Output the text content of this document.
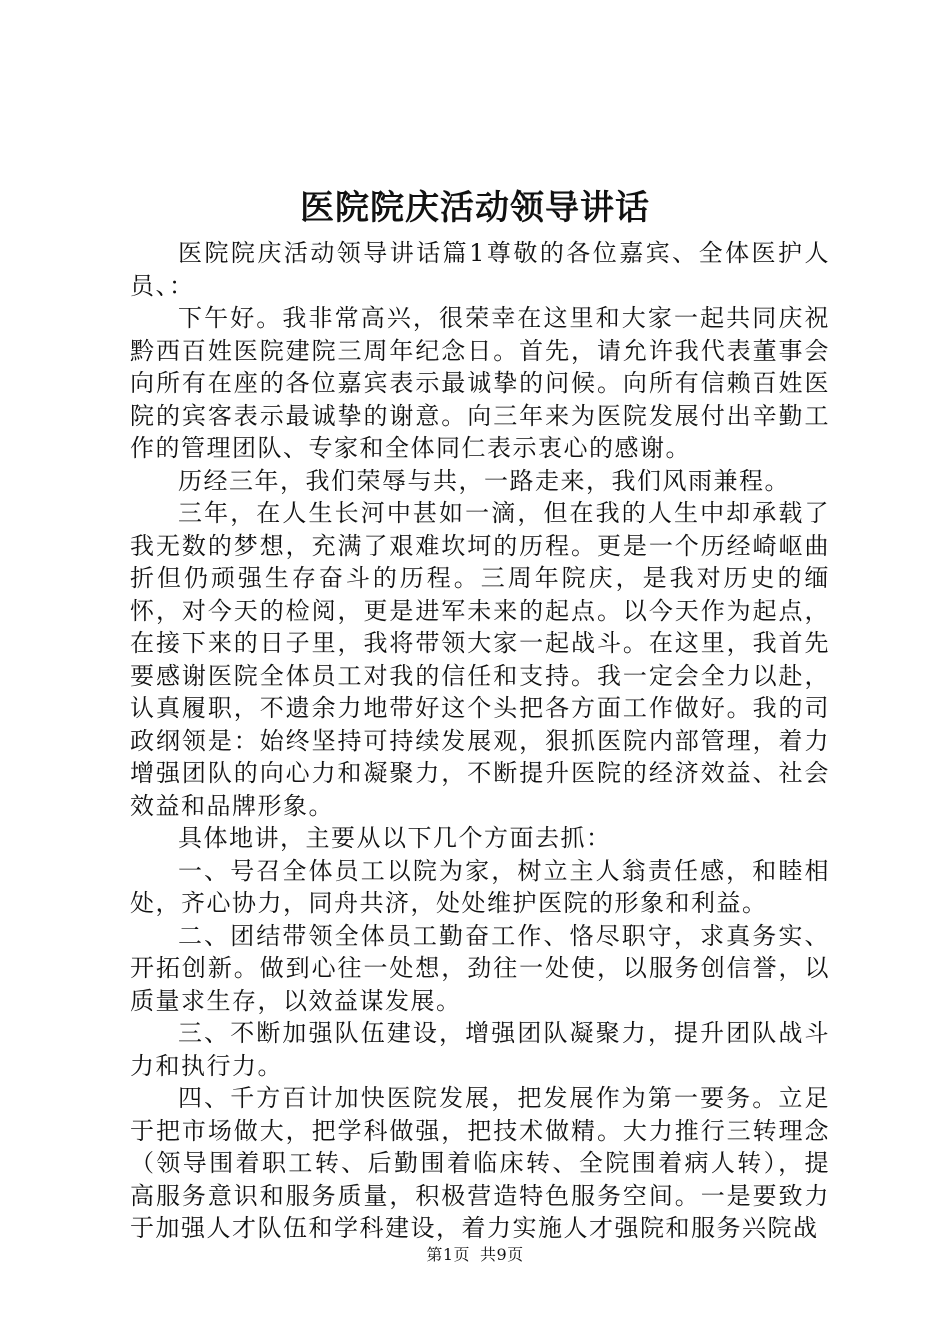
医院院庆活动领导讲话

医院院庆活动领导讲话篇1尊敬的各位嘉宾、全体医护人员、：

下午好。我非常高兴，很荣幸在这里和大家一起共同庆祝黔西百姓医院建院三周年纪念日。首先，请允许我代表董事会向所有在座的各位嘉宾表示最诚挚的问候。向所有信赖百姓医院的宾客表示最诚挚的谢意。向三年来为医院发展付出辛勤工作的管理团队、专家和全体同仁表示衷心的感谢。

历经三年，我们荣辱与共，一路走来，我们风雨兼程。

三年，在人生长河中甚如一滴，但在我的人生中却承载了我无数的梦想，充满了艰难坎坷的历程。更是一个历经崎岖曲折但仍顽强生存奋斗的历程。三周年院庆，是我对历史的缅怀，对今天的检阅，更是进军未来的起点。以今天作为起点，在接下来的日子里，我将带领大家一起战斗。在这里，我首先要感谢医院全体员工对我的信任和支持。我一定会全力以赴，认真履职，不遗余力地带好这个头把各方面工作做好。我的司政纲领是：始终坚持可持续发展观，狠抓医院内部管理，着力增强团队的向心力和凝聚力，不断提升医院的经济效益、社会效益和品牌形象。

具体地讲，主要从以下几个方面去抓：

一、号召全体员工以院为家，树立主人翁责任感，和睦相处，齐心协力，同舟共济，处处维护医院的形象和利益。

二、团结带领全体员工勤奋工作、恪尽职守，求真务实、开拓创新。做到心往一处想，劲往一处使，以服务创信誉，以质量求生存，以效益谋发展。

三、不断加强队伍建设，增强团队凝聚力，提升团队战斗力和执行力。

四、千方百计加快医院发展，把发展作为第一要务。立足于把市场做大，把学科做强，把技术做精。大力推行三转理念（领导围着职工转、后勤围着临床转、全院围着病人转），提高服务意识和服务质量，积极营造特色服务空间。一是要致力于加强人才队伍和学科建设，着力实施人才强院和服务兴院战

第1页 共9页
